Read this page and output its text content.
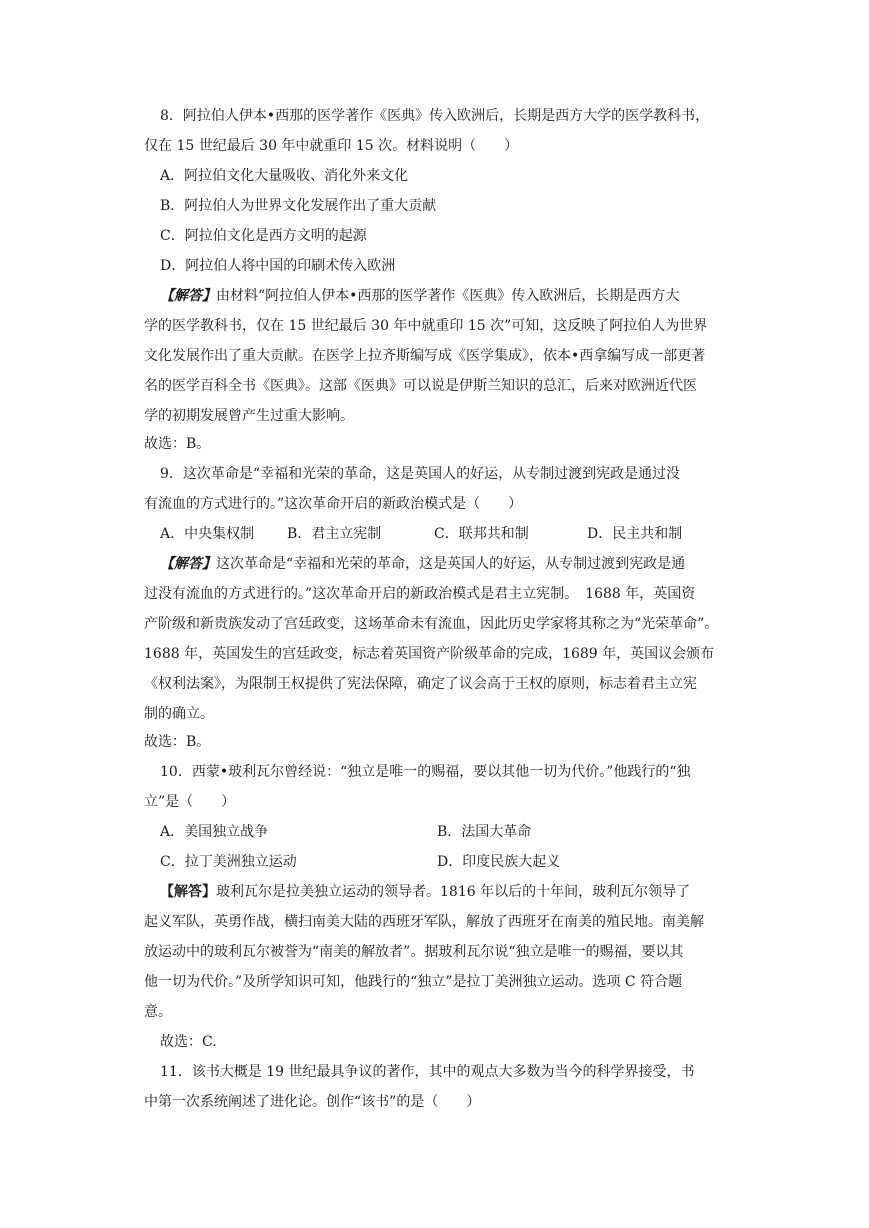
8．阿拉伯人伊本•西那的医学著作《医典》传入欧洲后，长期是西方大学的医学教科书，
仅在 15 世纪最后 30 年中就重印 15 次。材料说明（　　）
A．阿拉伯文化大量吸收、消化外来文化
B．阿拉伯人为世界文化发展作出了重大贡献
C．阿拉伯文化是西方文明的起源
D．阿拉伯人将中国的印刷术传入欧洲
【解答】由材料“阿拉伯人伊本•西那的医学著作《医典》传入欧洲后，长期是西方大
学的医学教科书，仅在 15 世纪最后 30 年中就重印 15 次”可知，这反映了阿拉伯人为世界
文化发展作出了重大贡献。在医学上拉齐斯编写成《医学集成》，依本•西拿编写成一部更著
名的医学百科全书《医典》。这部《医典》可以说是伊斯兰知识的总汇，后来对欧洲近代医
学的初期发展曾产生过重大影响。
故选：B。
9．这次革命是“幸福和光荣的革命，这是英国人的好运，从专制过渡到宪政是通过没
有流血的方式进行的。”这次革命开启的新政治模式是（　　）
A．中央集权制 B．君主立宪制	C．联邦共和制	D．民主共和制
【解答】这次革命是“幸福和光荣的革命，这是英国人的好运，从专制过渡到宪政是通
过没有流血的方式进行的。”这次革命开启的新政治模式是君主立宪制。　1688 年，英国资
产阶级和新贵族发动了宫廷政变，这场革命未有流血，因此历史学家将其称之为“光荣革命”。
1688 年，英国发生的宫廷政变，标志着英国资产阶级革命的完成，1689 年，英国议会颁布
《权利法案》，为限制王权提供了宪法保障，确定了议会高于王权的原则，标志着君主立宪
制的确立。
故选：B。
10．西蒙•玻利瓦尔曾经说：“独立是唯一的赐福，要以其他一切为代价。”他践行的“独
立”是（　　）
A．美国独立战争	B．法国大革命
C．拉丁美洲独立运动	D．印度民族大起义
【解答】玻利瓦尔是拉美独立运动的领导者。1816 年以后的十年间，玻利瓦尔领导了
起义军队，英勇作战，横扫南美大陆的西班牙军队，解放了西班牙在南美的殖民地。南美解
放运动中的玻利瓦尔被誉为“南美的解放者”。据玻利瓦尔说“独立是唯一的赐福，要以其
他一切为代价。”及所学知识可知，他践行的“独立”是拉丁美洲独立运动。选项 C 符合题
意。
故选：C.
11．该书大概是 19 世纪最具争议的著作，其中的观点大多数为当今的科学界接受，书
中第一次系统阐述了进化论。创作“该书”的是（　　）
